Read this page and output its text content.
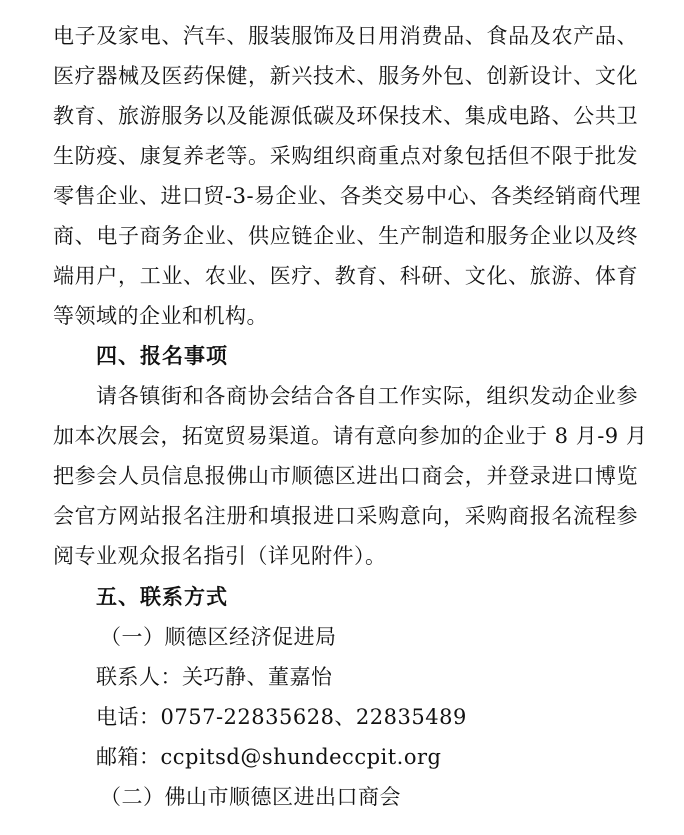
电子及家电、汽车、服装服饰及日用消费品、食品及农产品、
医疗器械及医药保健，新兴技术、服务外包、创新设计、文化
教育、旅游服务以及能源低碳及环保技术、集成电路、公共卫
生防疫、康复养老等。采购组织商重点对象包括但不限于批发
零售企业、进口贸-3-易企业、各类交易中心、各类经销商代理
商、电子商务企业、供应链企业、生产制造和服务企业以及终
端用户，工业、农业、医疗、教育、科研、文化、旅游、体育
等领域的企业和机构。
四、报名事项
请各镇街和各商协会结合各自工作实际，组织发动企业参
加本次展会，拓宽贸易渠道。请有意向参加的企业于 8 月-9 月
把参会人员信息报佛山市顺德区进出口商会，并登录进口博览
会官方网站报名注册和填报进口采购意向，采购商报名流程参
阅专业观众报名指引（详见附件）。
五、联系方式
（一）顺德区经济促进局
联系人：关巧静、董嘉怡
电话：0757-22835628、22835489
邮箱：ccpitsd@shundeccpit.org
（二）佛山市顺德区进出口商会
